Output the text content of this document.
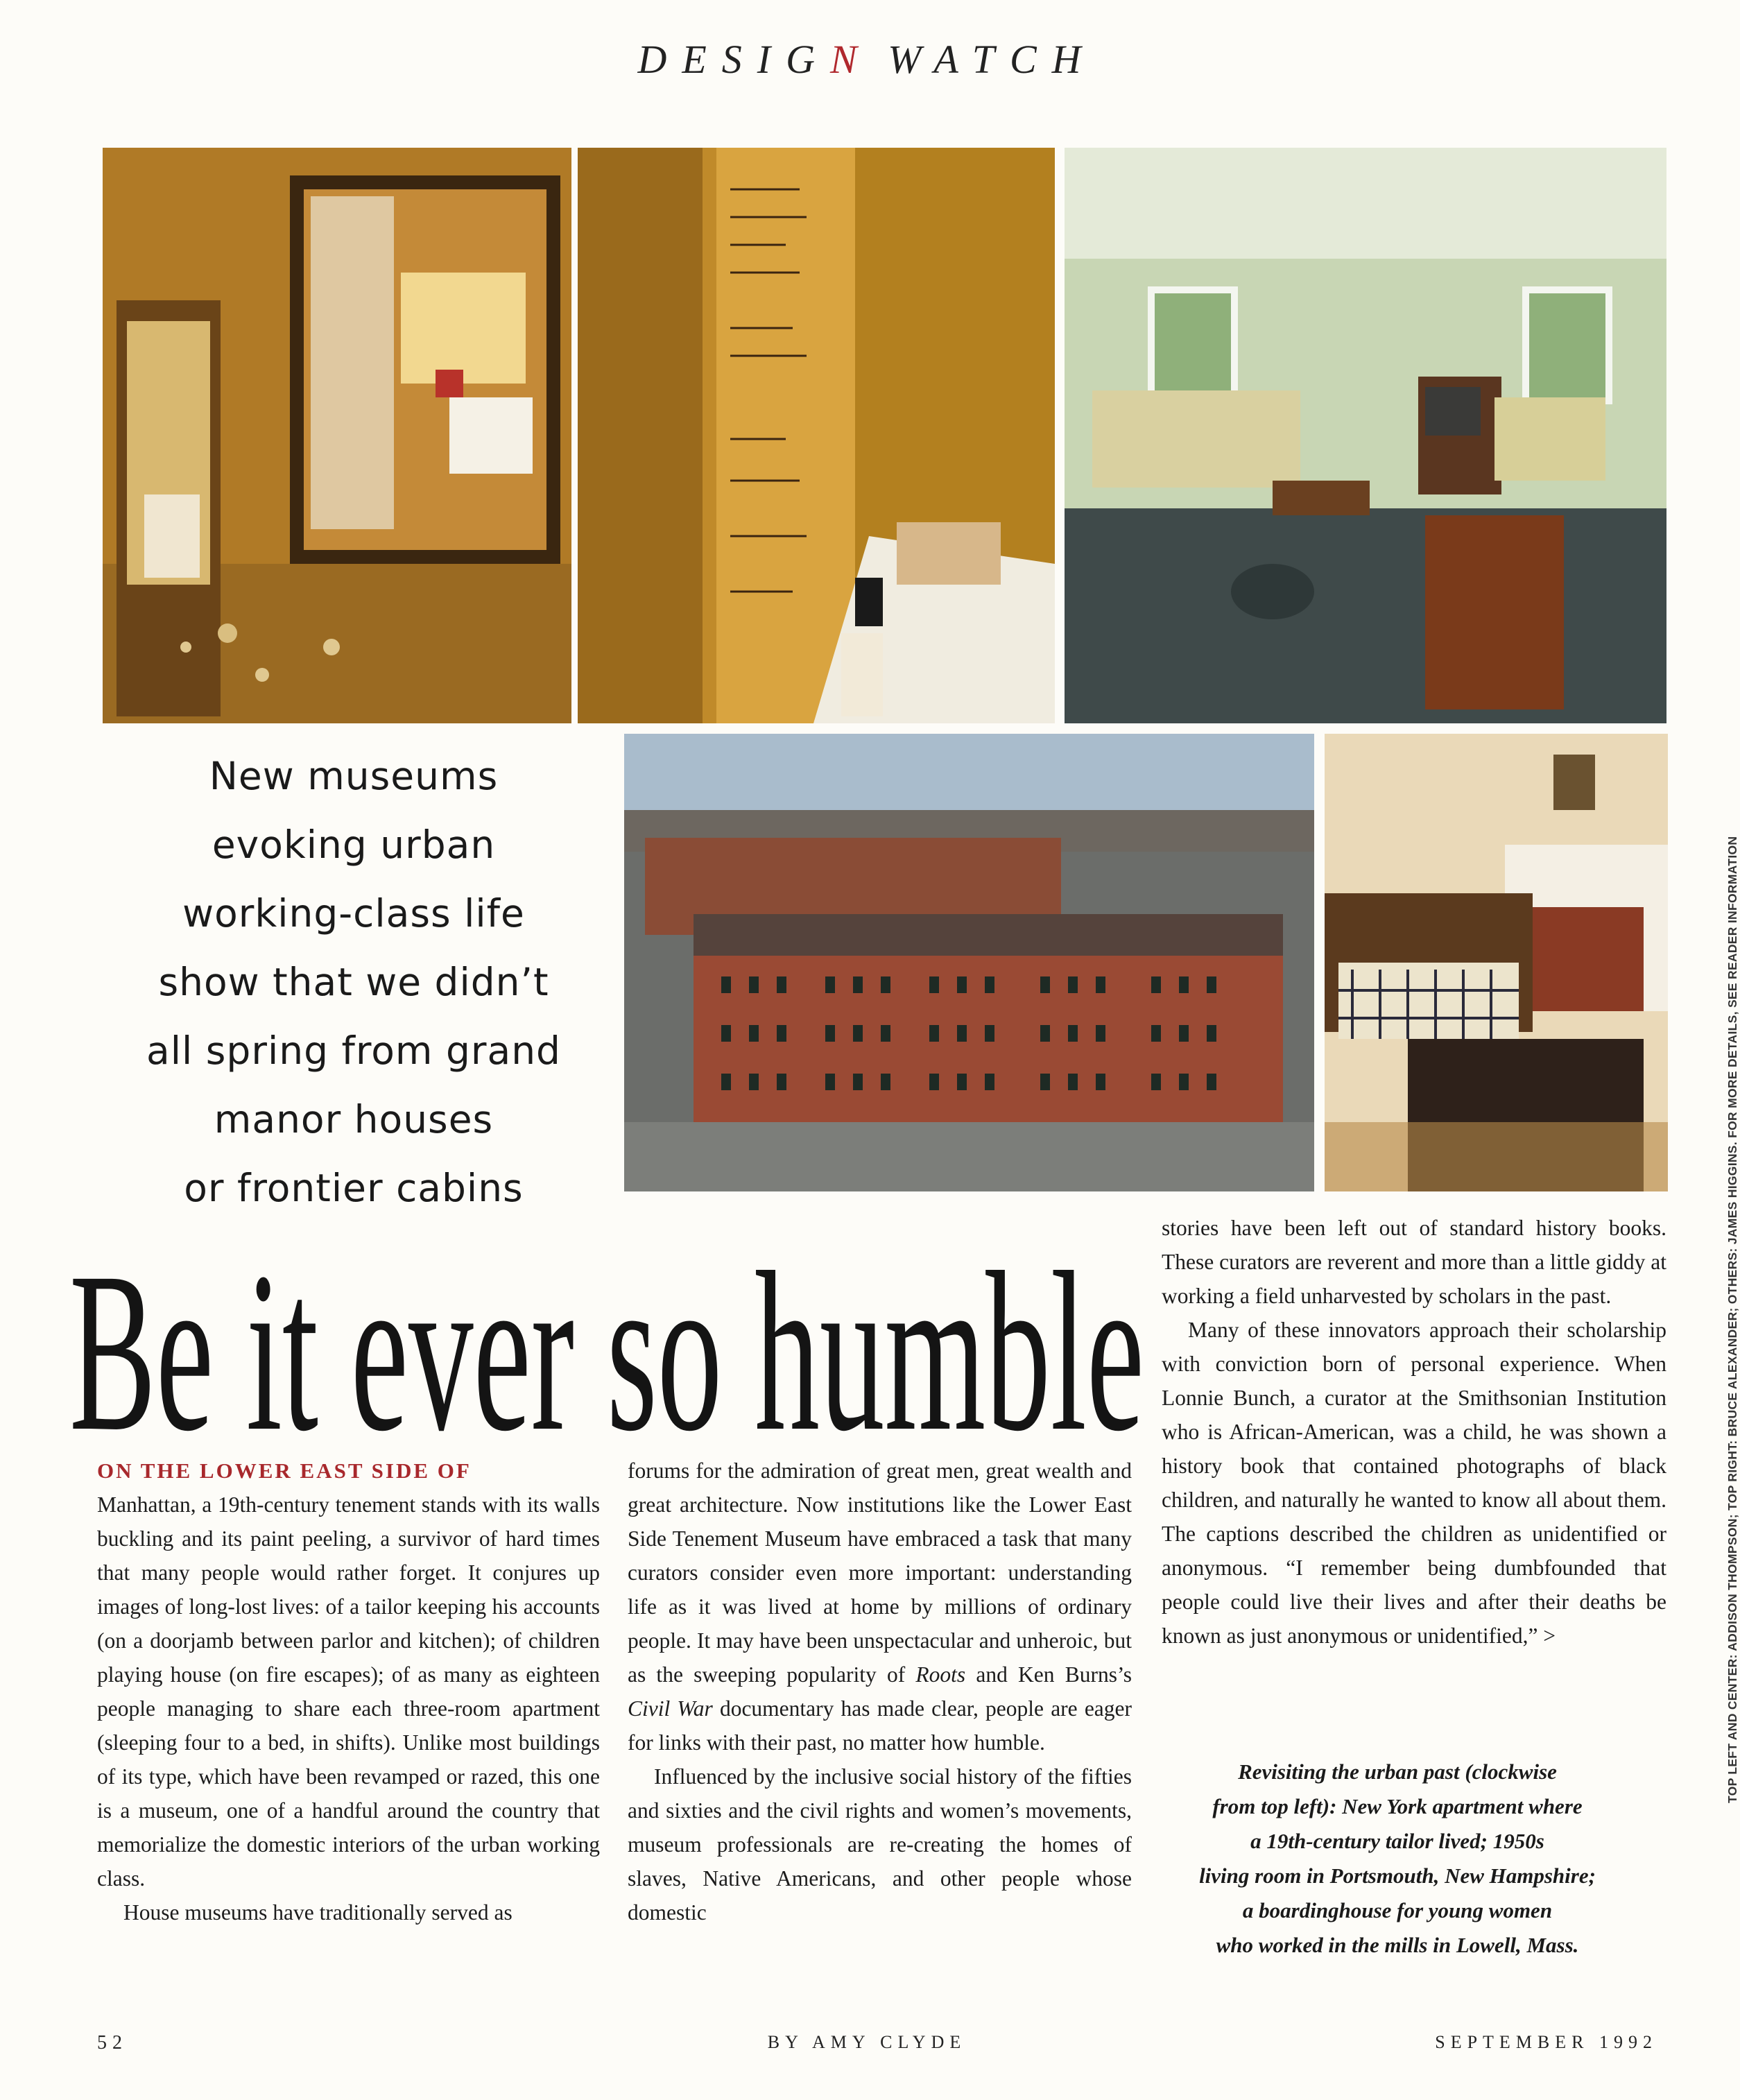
DESIGN WATCH
New museums
evoking urban
working-class life
show that we didn’t
all spring from grand
manor houses
or frontier cabins
Be it ever so humble

ON THE LOWER EAST SIDE OF
Manhattan, a 19th-century tenement stands with its walls buckling and its paint peeling, a survivor of hard times that many people would rather forget. It conjures up images of long-lost lives: of a tailor keeping his accounts (on a doorjamb between parlor and kitchen); of children playing house (on fire escapes); of as many as eighteen people managing to share each three-room apartment (sleeping four to a bed, in shifts). Unlike most buildings of its type, which have been revamped or razed, this one is a museum, one of a handful around the country that memorialize the domestic interiors of the urban working class.

House museums have traditionally served as

forums for the admiration of great men, great wealth and great architecture. Now institutions like the Lower East Side Tenement Museum have embraced a task that many curators consider even more important: understanding life as it was lived at home by millions of ordinary people. It may have been unspectacular and unheroic, but as the sweeping popularity of Roots and Ken Burns’s Civil War documentary has made clear, people are eager for links with their past, no matter how humble.

Influenced by the inclusive social history of the fifties and sixties and the civil rights and women’s movements, museum professionals are re-creating the homes of slaves, Native Americans, and other people whose domestic

stories have been left out of standard history books. These curators are reverent and more than a little giddy at working a field unharvested by scholars in the past.

Many of these innovators approach their scholarship with conviction born of personal experience. When Lonnie Bunch, a curator at the Smithsonian Institution who is African-American, was a child, he was shown a history book that contained photographs of black children, and naturally he wanted to know all about them. The captions described the children as unidentified or anonymous. “I remember being dumbfounded that people could live their lives and after their deaths be known as just anonymous or unidentified,” >

Revisiting the urban past (clockwise
from top left): New York apartment where
a 19th-century tailor lived; 1950s
living room in Portsmouth, New Hampshire;
a boardinghouse for young women
who worked in the mills in Lowell, Mass.
TOP LEFT AND CENTER: ADDISON THOMPSON; TOP RIGHT: BRUCE ALEXANDER; OTHERS: JAMES HIGGINS. FOR MORE DETAILS, SEE READER INFORMATION
52	BY AMY CLYDE	SEPTEMBER 1992
